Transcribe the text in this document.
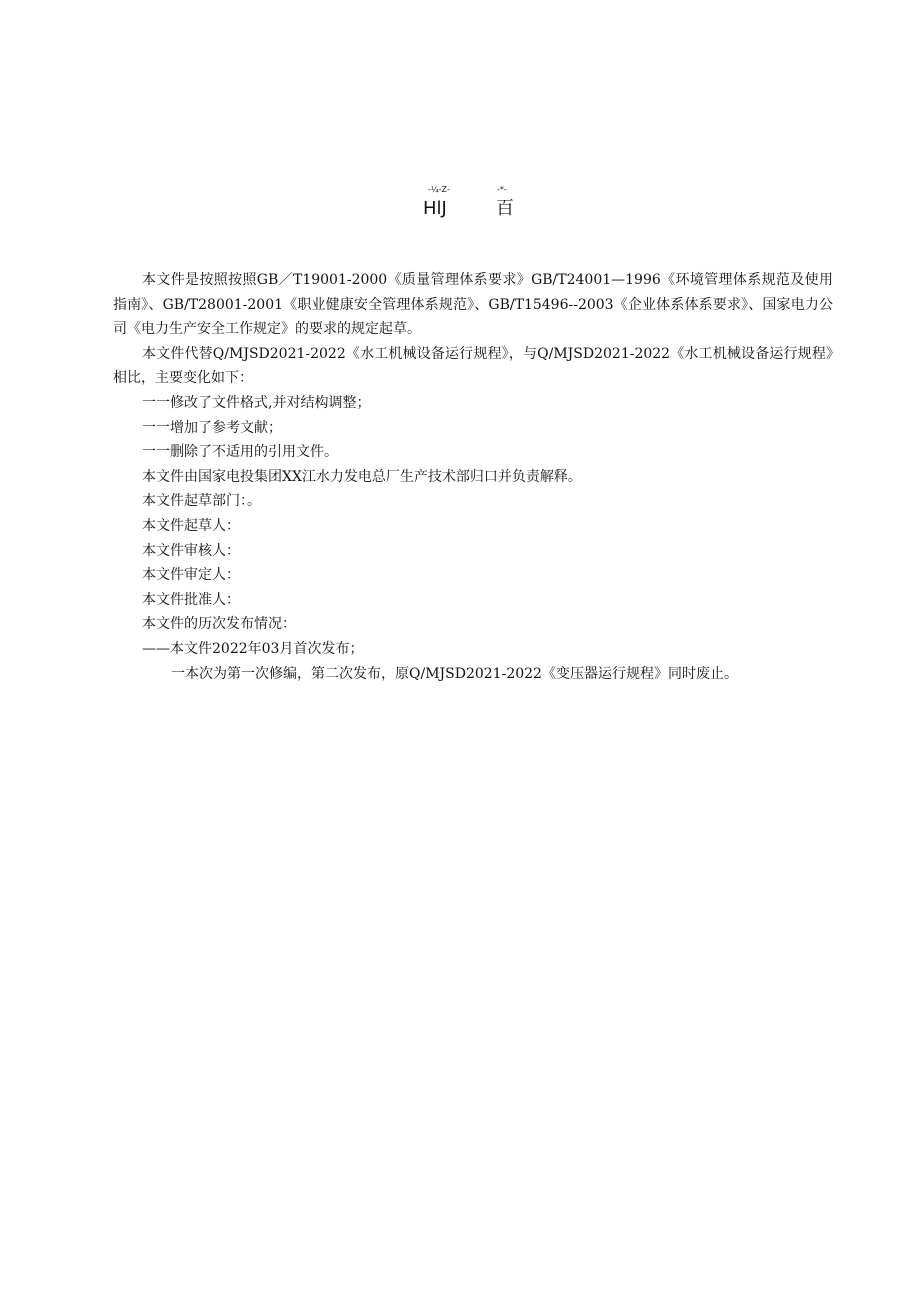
-¼-Z-	-*-
HlJ	百

本文件是按照按照GB／T19001-2000《质量管理体系要求》GB/T24001—1996《环境管理体系规范及使用指南》、GB/T28001-2001《职业健康安全管理体系规范》、GB/T15496--2003《企业体系体系要求》、国家电力公司《电力生产安全工作规定》的要求的规定起草。

本文件代替Q/MJSD2021-2022《水工机械设备运行规程》，与Q/MJSD2021-2022《水工机械设备运行规程》相比，主要变化如下：

一一修改了文件格式,并对结构调整；

一一增加了参考文献；

一一删除了不适用的引用文件。

本文件由国家电投集团XX江水力发电总厂生产技术部归口并负责解释。

本文件起草部门：。

本文件起草人：

本文件审核人：

本文件审定人：

本文件批准人：

本文件的历次发布情况：

——本文件2022年03月首次发布；

一本次为第一次修编，第二次发布，原Q/MJSD2021-2022《变压器运行规程》同时废止。
